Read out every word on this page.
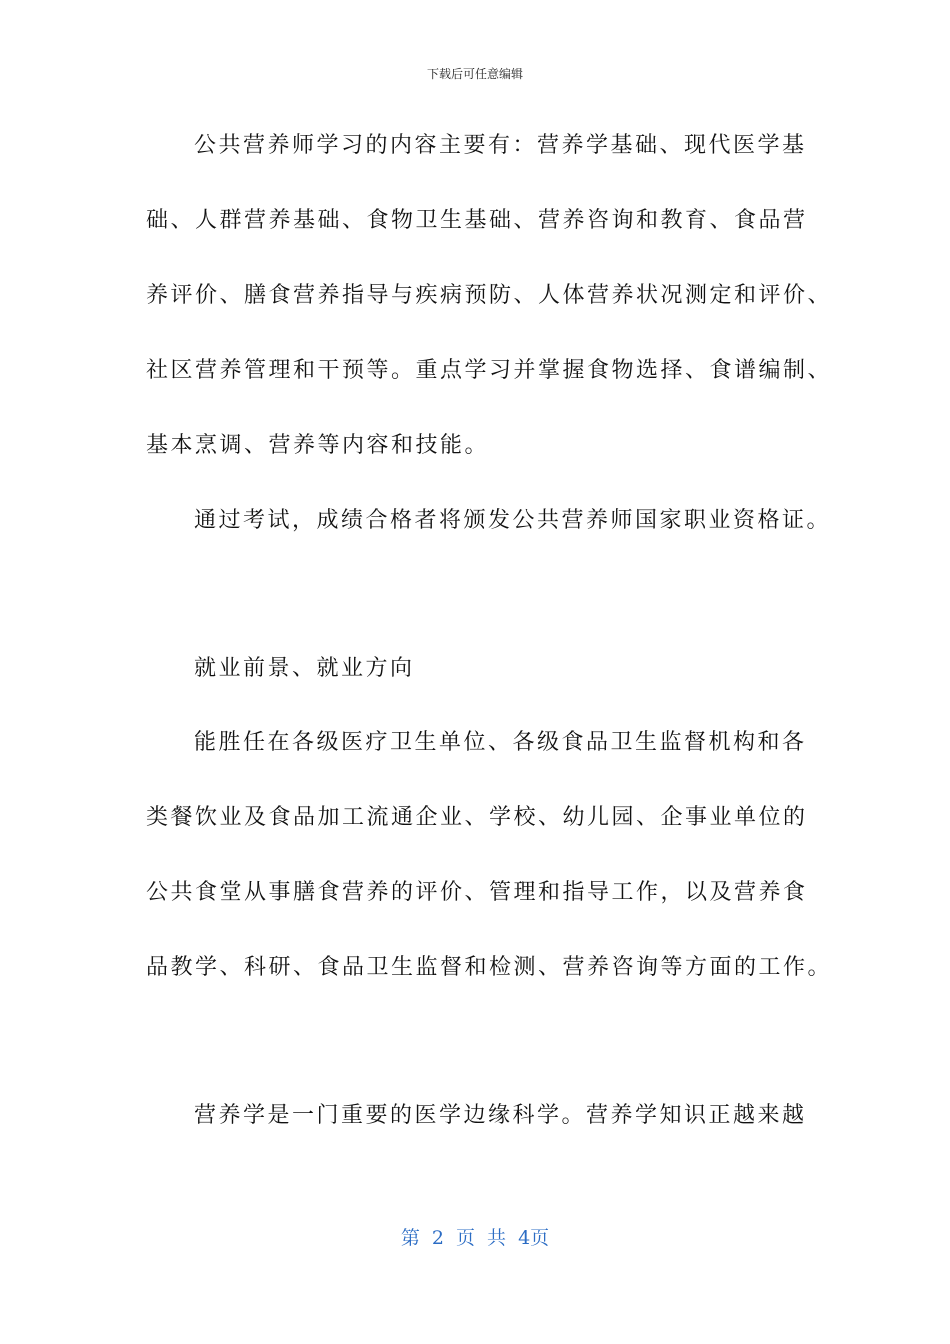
下载后可任意编辑
公共营养师学习的内容主要有：营养学基础、现代医学基
础、人群营养基础、食物卫生基础、营养咨询和教育、食品营
养评价、膳食营养指导与疾病预防、人体营养状况测定和评价、
社区营养管理和干预等。重点学习并掌握食物选择、食谱编制、
基本烹调、营养等内容和技能。
通过考试，成绩合格者将颁发公共营养师国家职业资格证。
就业前景、就业方向
能胜任在各级医疗卫生单位、各级食品卫生监督机构和各
类餐饮业及食品加工流通企业、学校、幼儿园、企事业单位的
公共食堂从事膳食营养的评价、管理和指导工作，以及营养食
品教学、科研、食品卫生监督和检测、营养咨询等方面的工作。
营养学是一门重要的医学边缘科学。营养学知识正越来越
第 2 页 共 4页
